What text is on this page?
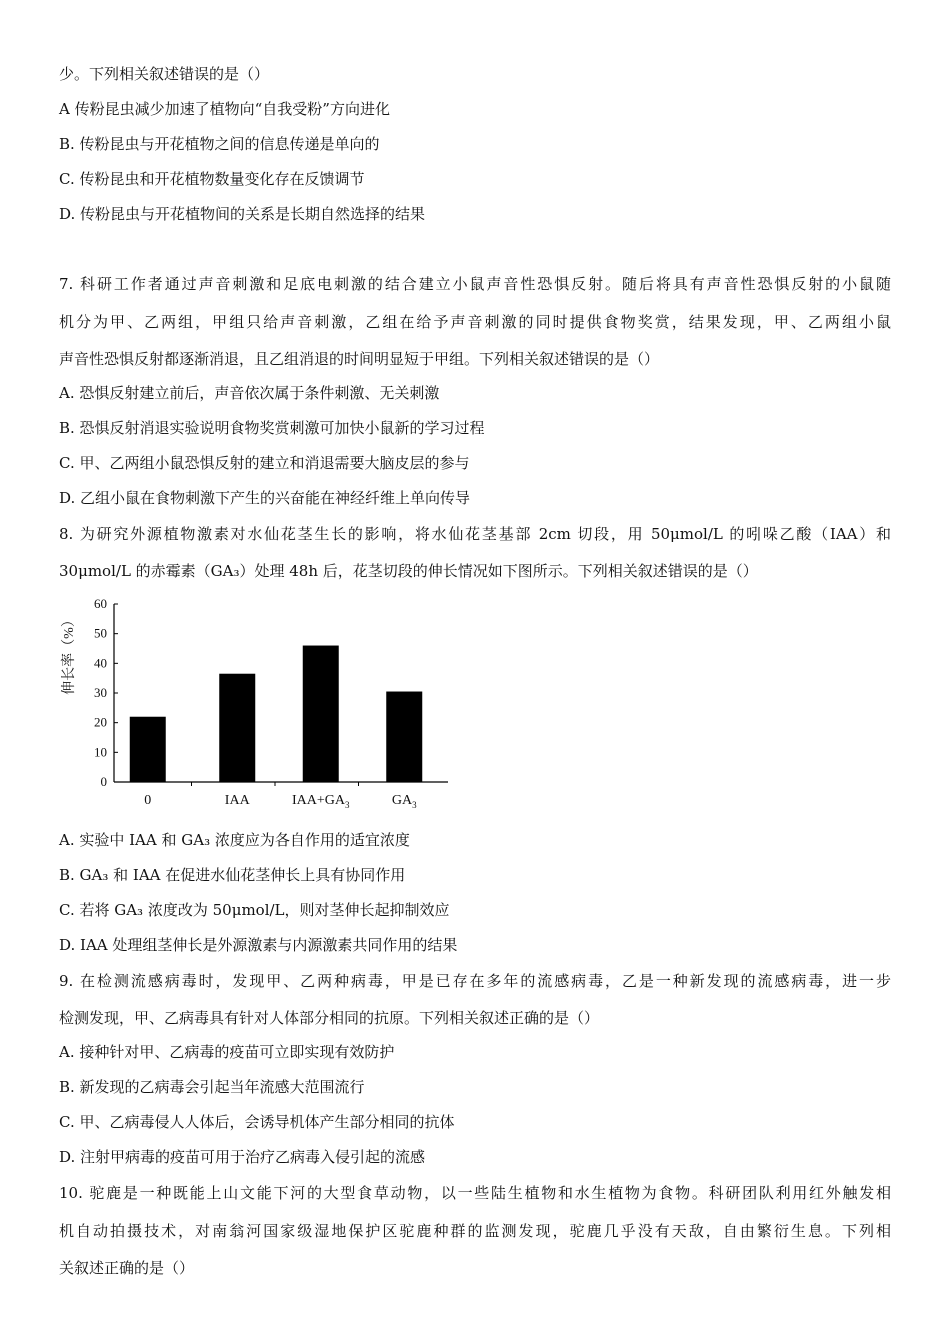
少。下列相关叙述错误的是（）
A 传粉昆虫减少加速了植物向“自我受粉”方向进化
B. 传粉昆虫与开花植物之间的信息传递是单向的
C. 传粉昆虫和开花植物数量变化存在反馈调节
D. 传粉昆虫与开花植物间的关系是长期自然选择的结果
7. 科研工作者通过声音刺激和足底电刺激的结合建立小鼠声音性恐惧反射。随后将具有声音性恐惧反射的小鼠随
机分为甲、乙两组，甲组只给声音刺激，乙组在给予声音刺激的同时提供食物奖赏，结果发现，甲、乙两组小鼠
声音性恐惧反射都逐渐消退，且乙组消退的时间明显短于甲组。下列相关叙述错误的是（）
A. 恐惧反射建立前后，声音依次属于条件刺激、无关刺激
B. 恐惧反射消退实验说明食物奖赏刺激可加快小鼠新的学习过程
C. 甲、乙两组小鼠恐惧反射的建立和消退需要大脑皮层的参与
D. 乙组小鼠在食物刺激下产生的兴奋能在神经纤维上单向传导
8. 为研究外源植物激素对水仙花茎生长的影响，将水仙花茎基部 2cm 切段，用 50μmol/L 的吲哚乙酸（IAA）和
30μmol/L 的赤霉素（GA₃）处理 48h 后，花茎切段的伸长情况如下图所示。下列相关叙述错误的是（）
0
10
20
30
40
50
60
0	IAA	$IAA+GA_3$	$GA_3$
伸长率（%）
A. 实验中 IAA 和 GA₃ 浓度应为各自作用的适宜浓度
B. GA₃ 和 IAA 在促进水仙花茎伸长上具有协同作用
C. 若将 GA₃ 浓度改为 50μmol/L，则对茎伸长起抑制效应
D. IAA 处理组茎伸长是外源激素与内源激素共同作用的结果
9. 在检测流感病毒时，发现甲、乙两种病毒，甲是已存在多年的流感病毒，乙是一种新发现的流感病毒，进一步
检测发现，甲、乙病毒具有针对人体部分相同的抗原。下列相关叙述正确的是（）
A. 接种针对甲、乙病毒的疫苗可立即实现有效防护
B. 新发现的乙病毒会引起当年流感大范围流行
C. 甲、乙病毒侵人人体后，会诱导机体产生部分相同的抗体
D. 注射甲病毒的疫苗可用于治疗乙病毒入侵引起的流感
10. 驼鹿是一种既能上山文能下河的大型食草动物，以一些陆生植物和水生植物为食物。科研团队利用红外触发相
机自动拍摄技术，对南翁河国家级湿地保护区驼鹿种群的监测发现，驼鹿几乎没有天敌，自由繁衍生息。下列相
关叙述正确的是（）
